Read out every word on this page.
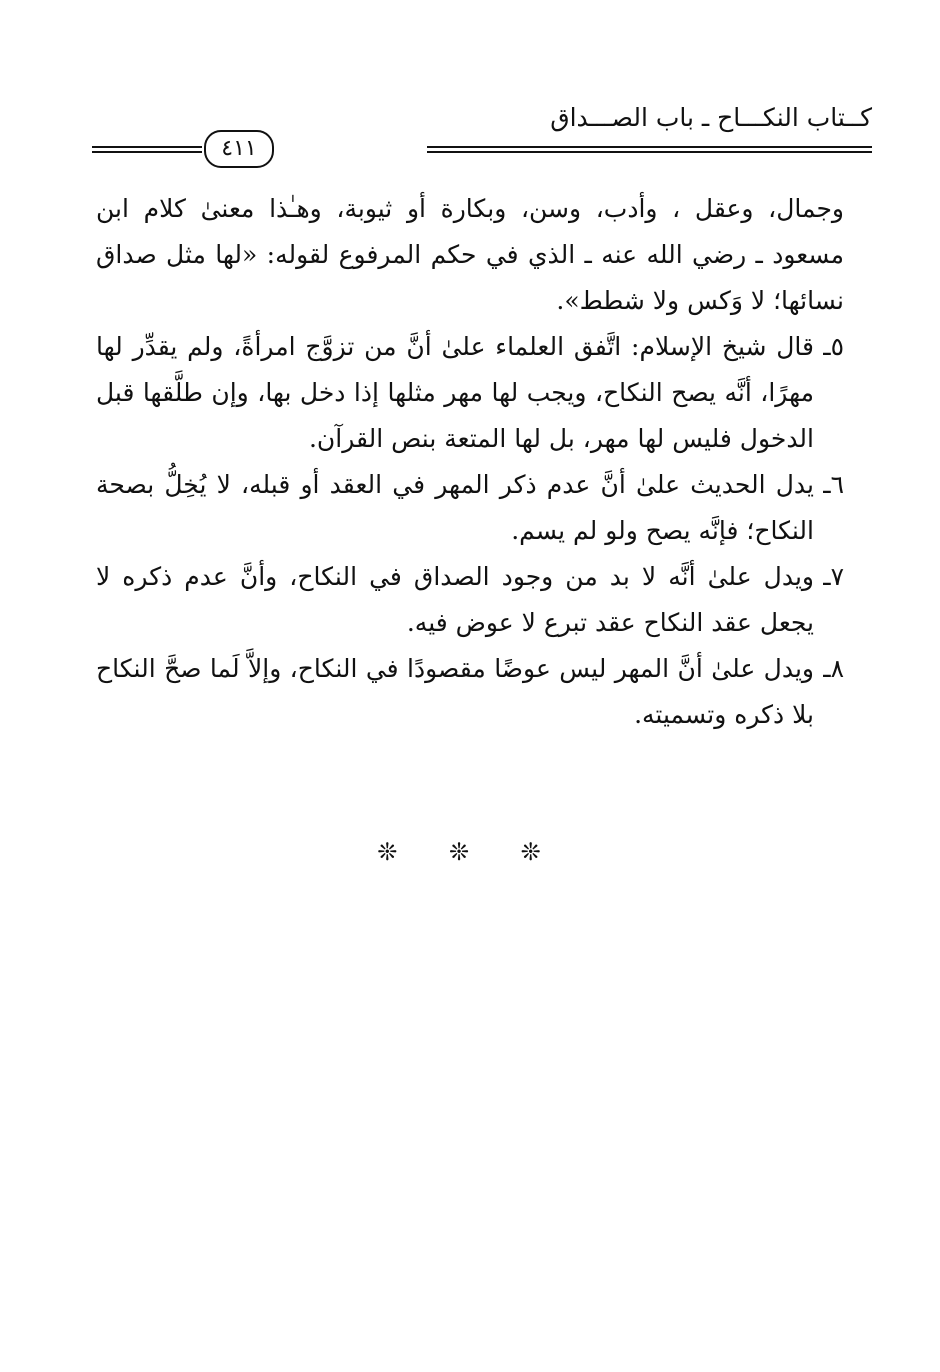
كــتاب النكـــاح ـ باب الصـــداق
٤١١

وجمال، وعقل ، وأدب، وسن، وبكارة أو ثيوبة، وهـٰذا معنىٰ كلام ابن مسعود ـ رضي الله عنه ـ الذي في حكم المرفوع لقوله: «لها مثل صداق نسائها؛ لا وَكس ولا شطط».

٥ـ
قال شيخ الإسلام: اتَّفق العلماء علىٰ أنَّ من تزوَّج امرأةً، ولم يقدِّر لها مهرًا، أنَّه يصح النكاح، ويجب لها مهر مثلها إذا دخل بها، وإن طلَّقها قبل الدخول فليس لها مهر، بل لها المتعة بنص القرآن.

٦ـ
يدل الحديث علىٰ أنَّ عدم ذكر المهر في العقد أو قبله، لا يُخِلُّ بصحة النكاح؛ فإنَّه يصح ولو لم يسم.

٧ـ
ويدل علىٰ أنَّه لا بد من وجود الصداق في النكاح، وأنَّ عدم ذكره لا يجعل عقد النكاح عقد تبرع لا عوض فيه.

٨ـ
ويدل علىٰ أنَّ المهر ليس عوضًا مقصودًا في النكاح، وإلاَّ لَما صحَّ النكاح بلا ذكره وتسميته.

❊ ❊ ❊
